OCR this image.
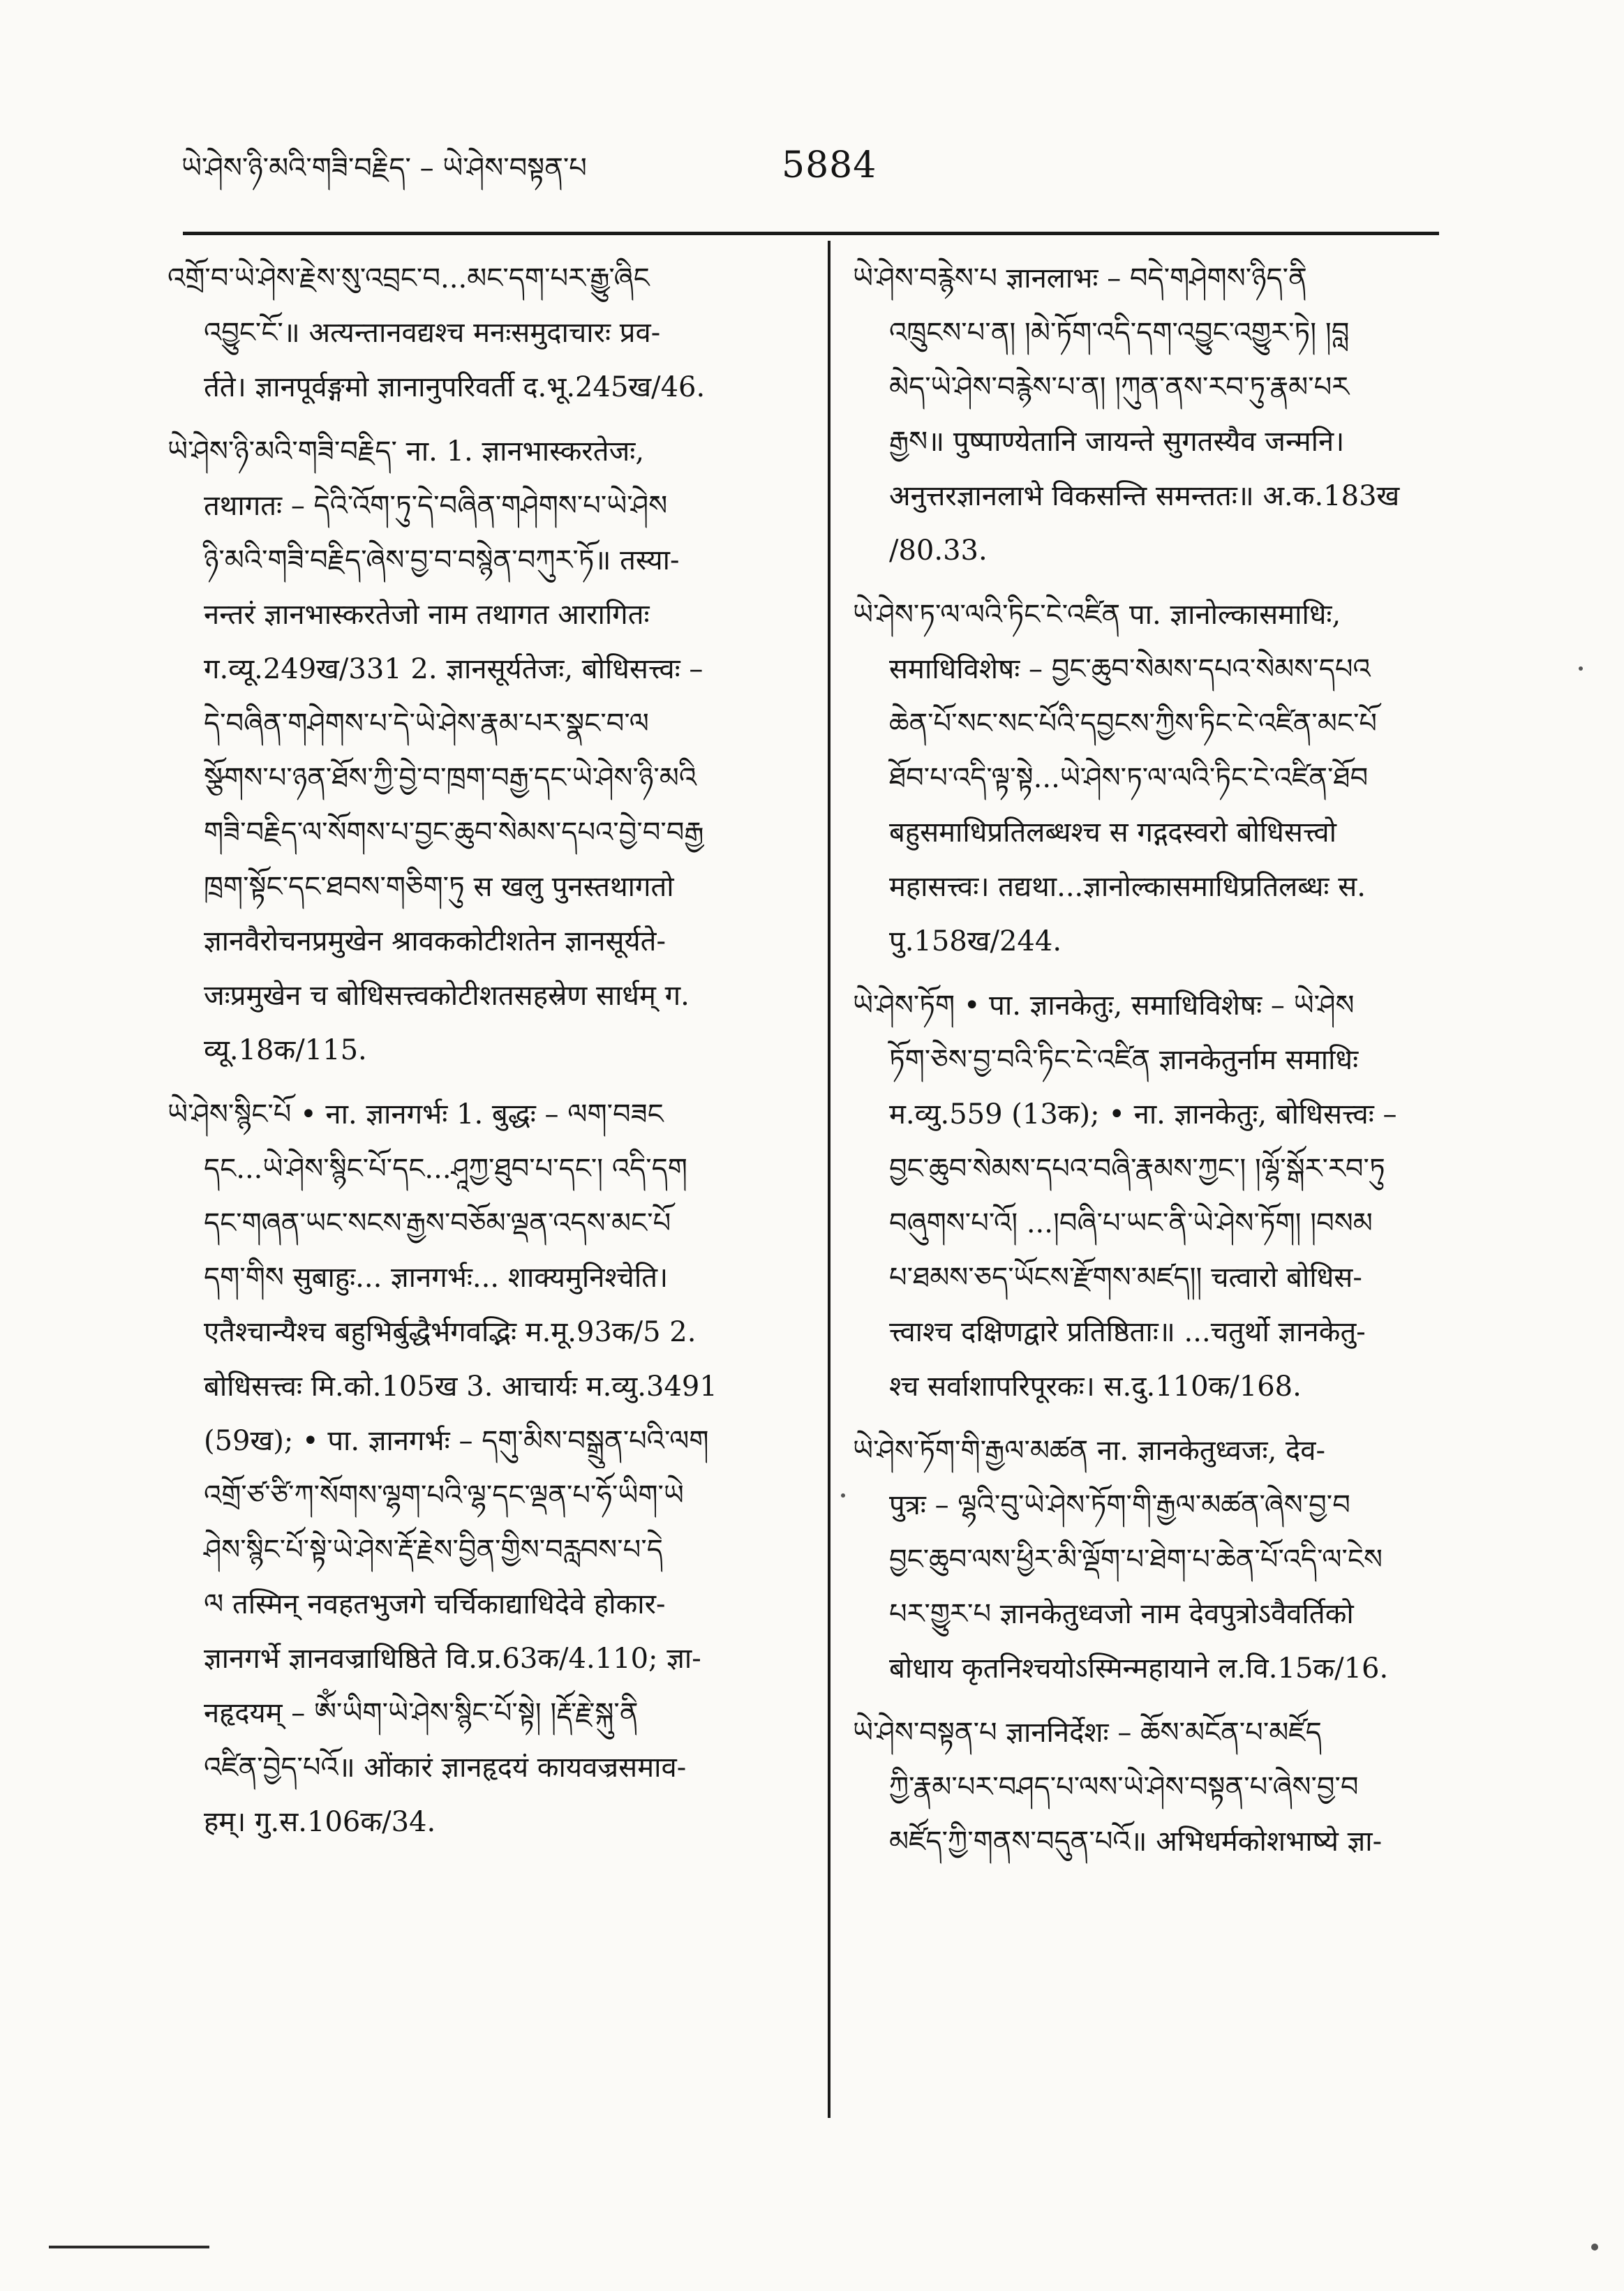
ཡེ་ཤེས་ཉི་མའི་གཟི་བརྗིད་ – ཡེ་ཤེས་བསྟན་པ	5884
འགྲོ་བ་ཡེ་ཤེས་རྗེས་སུ་འབྲང་བ...མང་དག་པར་རྒྱུ་ཞིང
འབྱུང་ངོ་॥ अत्यन्तानवद्यश्च मनःसमुदाचारः प्रव-
र्तते। ज्ञानपूर्वङ्गमो ज्ञानानुपरिवर्ती द.भू.245ख/46.
ཡེ་ཤེས་ཉི་མའི་གཟི་བརྗིད་ ना. 1. ज्ञानभास्करतेजः,
तथागतः – དེའི་འོག་ཏུ་དེ་བཞིན་གཤེགས་པ་ཡེ་ཤེས
ཉི་མའི་གཟི་བརྗིད་ཞེས་བྱ་བ་བསྙེན་བཀུར་ཏོ॥ तस्या-
नन्तरं ज्ञानभास्करतेजो नाम तथागत आरागितः
ग.व्यू.249ख/331 2. ज्ञानसूर्यतेजः, बोधिसत्त्वः –
དེ་བཞིན་གཤེགས་པ་དེ་ཡེ་ཤེས་རྣམ་པར་སྣང་བ་ལ
སྩོགས་པ་ཉན་ཐོས་ཀྱི་བྱེ་བ་ཁྲག་བརྒྱ་དང་ཡེ་ཤེས་ཉི་མའི
གཟི་བརྗིད་ལ་སོགས་པ་བྱང་ཆུབ་སེམས་དཔའ་བྱེ་བ་བརྒྱ
ཁྲག་སྟོང་དང་ཐབས་གཅིག་ཏུ स खलु पुनस्तथागतो
ज्ञानवैरोचनप्रमुखेन श्रावककोटीशतेन ज्ञानसूर्यते-
जःप्रमुखेन च बोधिसत्त्वकोटीशतसहस्रेण सार्धम् ग.
व्यू.18क/115.
ཡེ་ཤེས་སྙིང་པོ • ना. ज्ञानगर्भः 1. बुद्धः – ལག་བཟང
དང...ཡེ་ཤེས་སྙིང་པོ་དང...ཤཱཀྱ་ཐུབ་པ་དང་། འདི་དག
དང་གཞན་ཡང་སངས་རྒྱས་བཅོམ་ལྡན་འདས་མང་པོ
དག་གིས सुबाहुः... ज्ञानगर्भः... शाक्यमुनिश्चेति।
एतैश्चान्यैश्च बहुभिर्बुद्धैर्भगवद्भिः म.मू.93क/5 2.
बोधिसत्त्वः मि.को.105ख 3. आचार्यः म.व्यु.3491
(59ख); • पा. ज्ञानगर्भः – དགུ་མིས་བསྒྲུན་པའི་ལག
འགྲོ་ཙ་ཙི་ཀ་སོགས་ལྷག་པའི་ལྷ་དང་ལྡན་པ་ཧོ་ཡིག་ཡེ
ཤེས་སྙིང་པོ་སྟེ་ཡེ་ཤེས་རྡོ་རྗེས་བྱིན་གྱིས་བརླབས་པ་དེ
ལ तस्मिन् नवहतभुजगे चर्चिकाद्याधिदेवे होकार-
ज्ञानगर्भे ज्ञानवज्राधिष्ठिते वि.प्र.63क/4.110; ज्ञा-
नहृदयम् – ཨོཾ་ཡིག་ཡེ་ཤེས་སྙིང་པོ་སྟེ། །རྡོ་རྗེ་སྐུ་ནི
འཛིན་བྱེད་པའོ॥ ओंकारं ज्ञानहृदयं कायवज्रसमाव-
हम्। गु.स.106क/34.
ཡེ་ཤེས་བརྙེས་པ ज्ञानलाभः – བདེ་གཤེགས་ཉིད་ནི
འཁྲུངས་པ་ན། །མེ་ཏོག་འདི་དག་འབྱུང་འགྱུར་ཏེ། །བླ
མེད་ཡེ་ཤེས་བརྙེས་པ་ན། །ཀུན་ནས་རབ་ཏུ་རྣམ་པར
རྒྱས॥ पुष्पाण्येतानि जायन्ते सुगतस्यैव जन्मनि।
अनुत्तरज्ञानलाभे विकसन्ति समन्ततः॥ अ.क.183ख
/80.33.
ཡེ་ཤེས་ཏ་ལ་ལའི་ཏིང་ངེ་འཛིན पा. ज्ञानोल्कासमाधिः,
समाधिविशेषः – བྱང་ཆུབ་སེམས་དཔའ་སེམས་དཔའ
ཆེན་པོ་སང་སང་པོའི་དབྱངས་ཀྱིས་ཏིང་ངེ་འཛིན་མང་པོ
ཐོབ་པ་འདི་ལྟ་སྟེ...ཡེ་ཤེས་ཏ་ལ་ལའི་ཏིང་ངེ་འཛིན་ཐོབ
बहुसमाधिप्रतिलब्धश्च स गद्गदस्वरो बोधिसत्त्वो
महासत्त्वः। तद्यथा...ज्ञानोल्कासमाधिप्रतिलब्धः स.
पु.158ख/244.
ཡེ་ཤེས་ཏོག • पा. ज्ञानकेतुः, समाधिविशेषः – ཡེ་ཤེས
ཏོག་ཅེས་བྱ་བའི་ཏིང་ངེ་འཛིན ज्ञानकेतुर्नाम समाधिः
म.व्यु.559 (13क); • ना. ज्ञानकेतुः, बोधिसत्त्वः –
བྱང་ཆུབ་སེམས་དཔའ་བཞི་རྣམས་ཀྱང་། །ལྷོ་སྒོར་རབ་ཏུ
བཞུགས་པ་འོ། ...།བཞི་པ་ཡང་ནི་ཡེ་ཤེས་ཏོག། །བསམ
པ་ཐམས་ཅད་ཡོངས་རྫོགས་མཛད།། चत्वारो बोधिस-
त्त्वाश्च दक्षिणद्वारे प्रतिष्ठिताः॥ ...चतुर्थो ज्ञानकेतु-
श्च सर्वाशापरिपूरकः। स.दु.110क/168.
ཡེ་ཤེས་ཏོག་གི་རྒྱལ་མཚན ना. ज्ञानकेतुध्वजः, देव-
पुत्रः – ལྷའི་བུ་ཡེ་ཤེས་ཏོག་གི་རྒྱལ་མཚན་ཞེས་བྱ་བ
བྱང་ཆུབ་ལས་ཕྱིར་མི་ལྡོག་པ་ཐེག་པ་ཆེན་པོ་འདི་ལ་ངེས
པར་གྱུར་པ ज्ञानकेतुध्वजो नाम देवपुत्रोऽवैवर्तिको
बोधाय कृतनिश्चयोऽस्मिन्महायाने ल.वि.15क/16.
ཡེ་ཤེས་བསྟན་པ ज्ञाननिर्देशः – ཆོས་མངོན་པ་མཛོད
ཀྱི་རྣམ་པར་བཤད་པ་ལས་ཡེ་ཤེས་བསྟན་པ་ཞེས་བྱ་བ
མཛོད་ཀྱི་གནས་བདུན་པའོ॥ अभिधर्मकोशभाष्ये ज्ञा-
